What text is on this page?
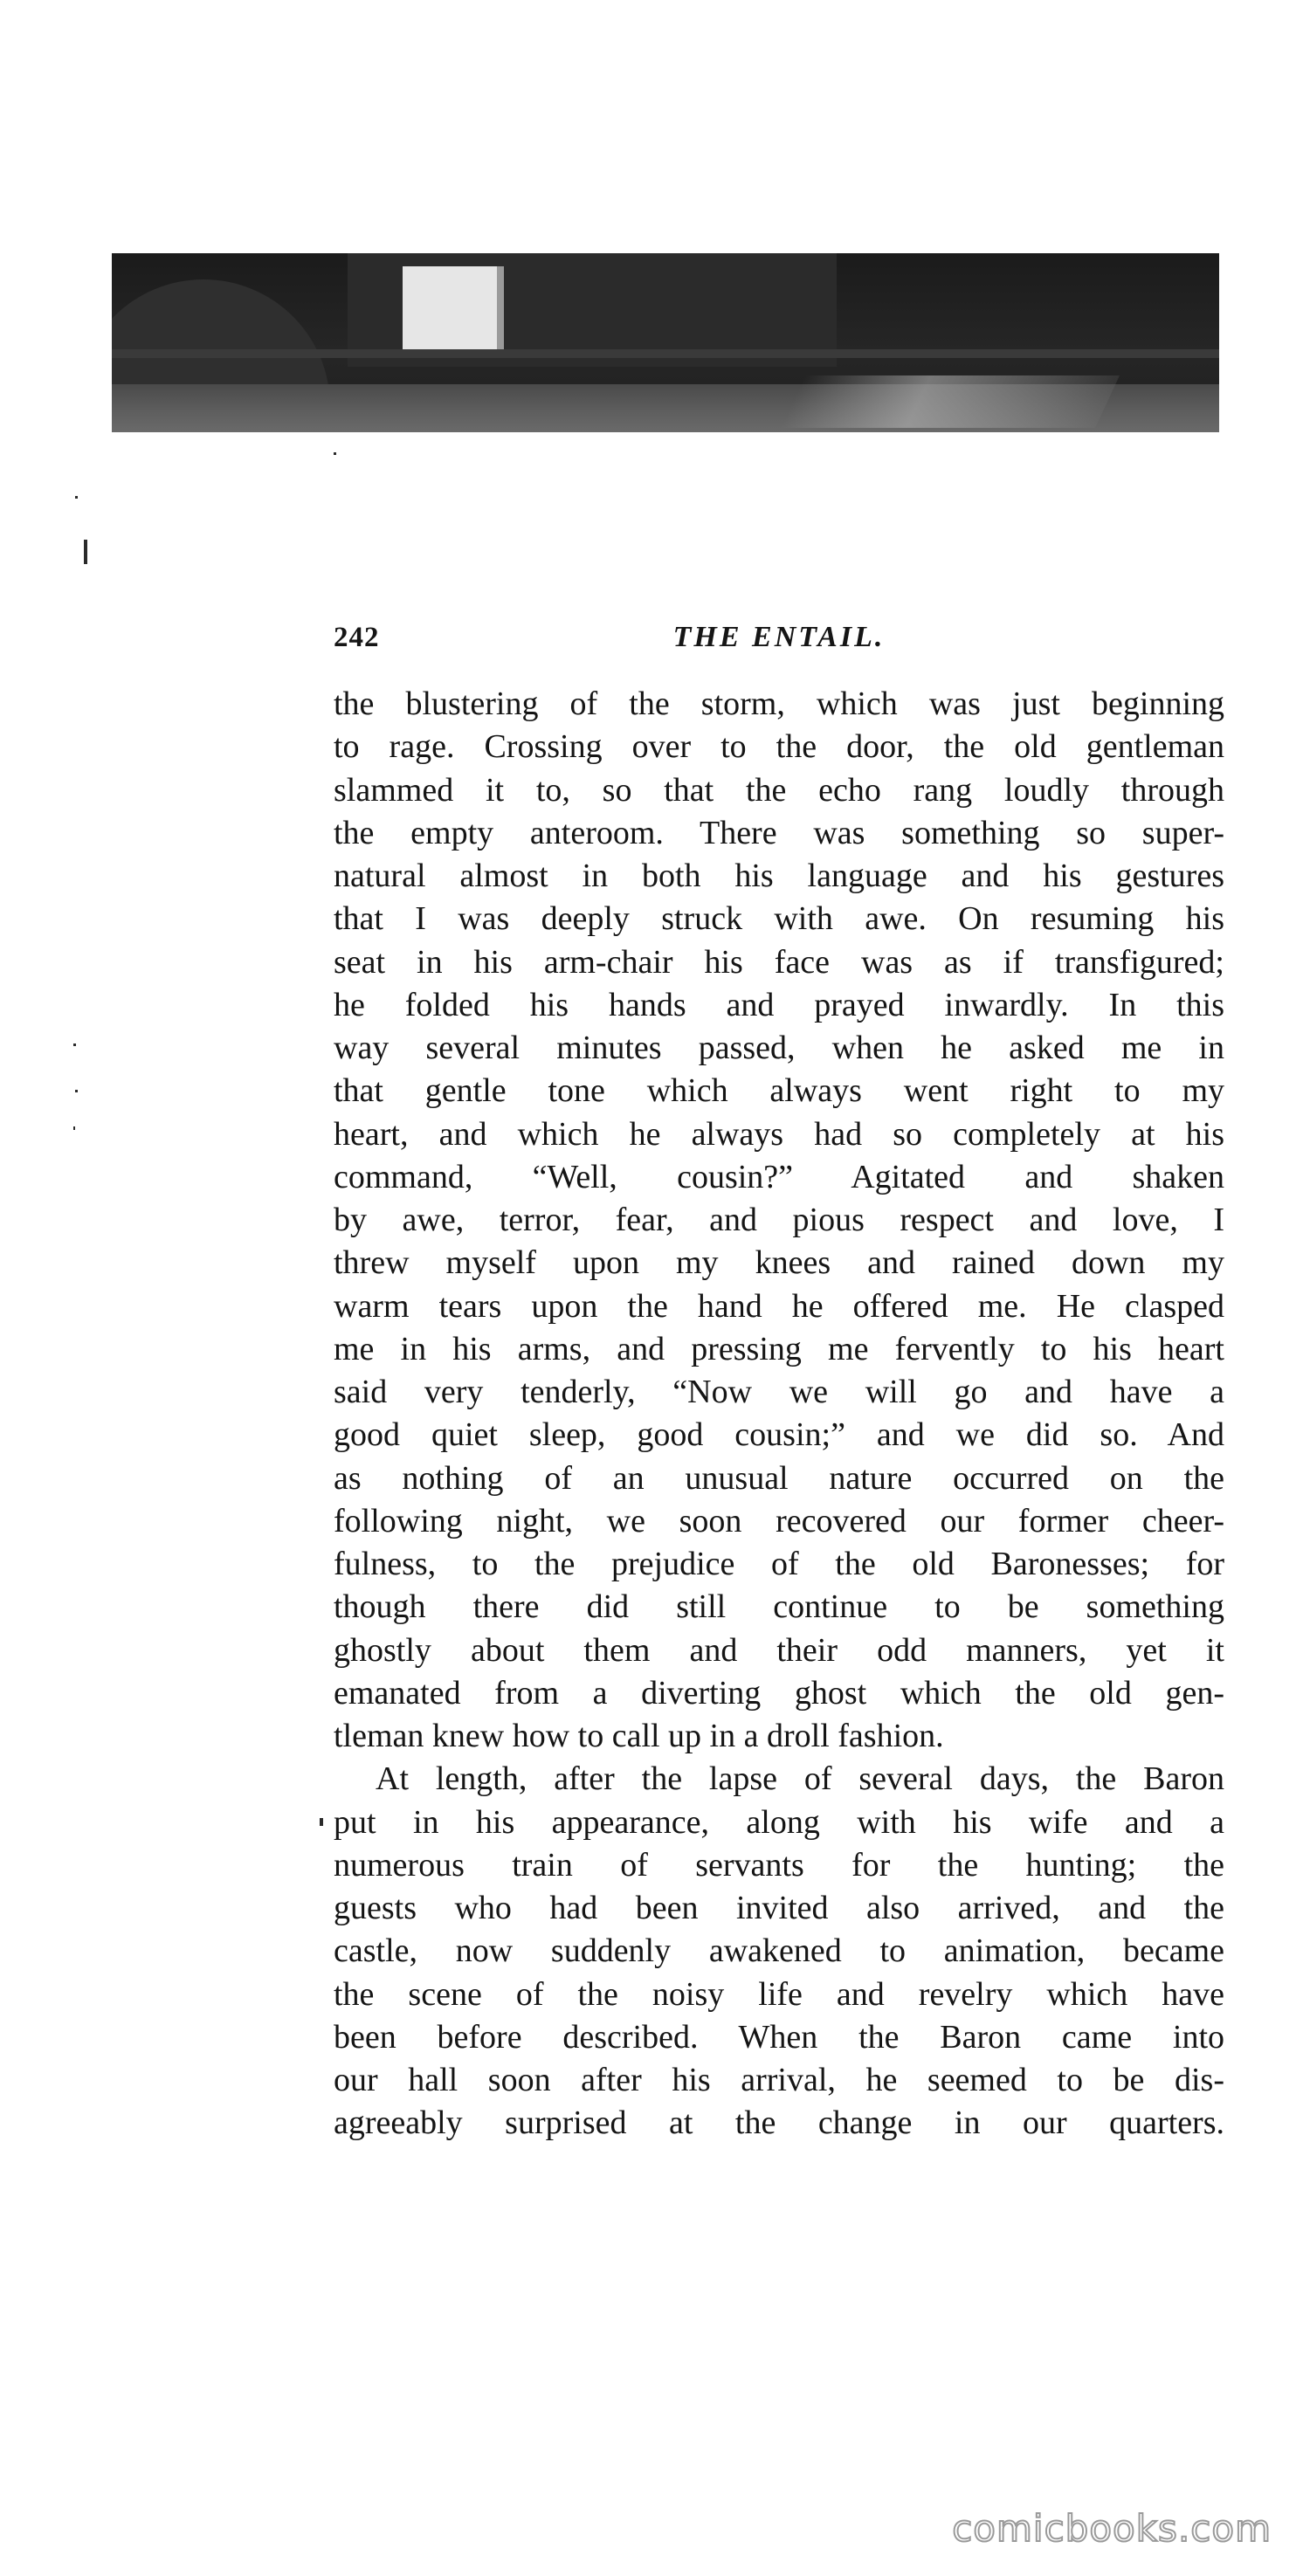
242	THE ENTAIL.
the blustering of the storm, which was just beginning
to rage. Crossing over to the door, the old gentleman
slammed it to, so that the echo rang loudly through
the empty anteroom. There was something so super-
natural almost in both his language and his gestures
that I was deeply struck with awe. On resuming his
seat in his arm-chair his face was as if transfigured;
he folded his hands and prayed inwardly. In this
way several minutes passed, when he asked me in
that gentle tone which always went right to my
heart, and which he always had so completely at his
command, “Well, cousin?” Agitated and shaken
by awe, terror, fear, and pious respect and love, I
threw myself upon my knees and rained down my
warm tears upon the hand he offered me. He clasped
me in his arms, and pressing me fervently to his heart
said very tenderly, “Now we will go and have a
good quiet sleep, good cousin;” and we did so. And
as nothing of an unusual nature occurred on the
following night, we soon recovered our former cheer-
fulness, to the prejudice of the old Baronesses; for
though there did still continue to be something
ghostly about them and their odd manners, yet it
emanated from a diverting ghost which the old gen-
tleman knew how to call up in a droll fashion.
At length, after the lapse of several days, the Baron
put in his appearance, along with his wife and a
numerous train of servants for the hunting; the
guests who had been invited also arrived, and the
castle, now suddenly awakened to animation, became
the scene of the noisy life and revelry which have
been before described. When the Baron came into
our hall soon after his arrival, he seemed to be dis-
agreeably surprised at the change in our quarters.
comicbooks.com
